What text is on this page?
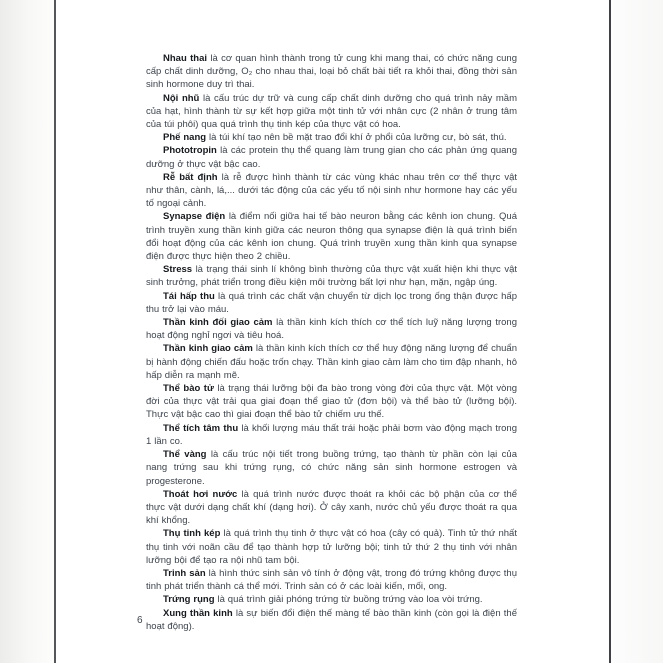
Nhau thai là cơ quan hình thành trong tử cung khi mang thai, có chức năng cung cấp chất dinh dưỡng, O₂ cho nhau thai, loại bỏ chất bài tiết ra khỏi thai, đồng thời sản sinh hormone duy trì thai.

Nội nhũ là cấu trúc dự trữ và cung cấp chất dinh dưỡng cho quá trình nảy mầm của hạt, hình thành từ sự kết hợp giữa một tinh tử với nhân cực (2 nhân ở trung tâm của túi phôi) qua quá trình thụ tinh kép của thực vật có hoa.

Phế nang là túi khí tạo nên bề mặt trao đổi khí ở phổi của lưỡng cư, bò sát, thú.

Phototropin là các protein thụ thể quang làm trung gian cho các phản ứng quang dưỡng ở thực vật bậc cao.

Rễ bất định là rễ được hình thành từ các vùng khác nhau trên cơ thể thực vật như thân, cành, lá,... dưới tác động của các yếu tố nội sinh như hormone hay các yếu tố ngoại cảnh.

Synapse điện là điểm nối giữa hai tế bào neuron bằng các kênh ion chung. Quá trình truyền xung thần kinh giữa các neuron thông qua synapse điện là quá trình biến đổi hoạt động của các kênh ion chung. Quá trình truyền xung thần kinh qua synapse điện được thực hiện theo 2 chiều.

Stress là trạng thái sinh lí không bình thường của thực vật xuất hiện khi thực vật sinh trưởng, phát triển trong điều kiện môi trường bất lợi như hạn, mặn, ngập úng.

Tái hấp thu là quá trình các chất vận chuyển từ dịch lọc trong ống thận được hấp thu trở lại vào máu.

Thần kinh đối giao cảm là thần kinh kích thích cơ thể tích luỹ năng lượng trong hoạt động nghỉ ngơi và tiêu hoá.

Thần kinh giao cảm là thần kinh kích thích cơ thể huy động năng lượng để chuẩn bị hành động chiến đấu hoặc trốn chạy. Thần kinh giao cảm làm cho tim đập nhanh, hô hấp diễn ra mạnh mẽ.

Thể bào tử là trạng thái lưỡng bội đa bào trong vòng đời của thực vật. Một vòng đời của thực vật trải qua giai đoạn thể giao tử (đơn bội) và thể bào tử (lưỡng bội). Thực vật bậc cao thì giai đoạn thể bào tử chiếm ưu thế.

Thể tích tâm thu là khối lượng máu thất trái hoặc phải bơm vào động mạch trong 1 lần co.

Thể vàng là cấu trúc nội tiết trong buồng trứng, tạo thành từ phần còn lại của nang trứng sau khi trứng rụng, có chức năng sản sinh hormone estrogen và progesterone.

Thoát hơi nước là quá trình nước được thoát ra khỏi các bộ phận của cơ thể thực vật dưới dạng chất khí (dạng hơi). Ở cây xanh, nước chủ yếu được thoát ra qua khí khổng.

Thụ tinh kép là quá trình thụ tinh ở thực vật có hoa (cây có quả). Tinh tử thứ nhất thụ tinh với noãn cầu để tạo thành hợp tử lưỡng bội; tinh tử thứ 2 thụ tinh với nhân lưỡng bội để tạo ra nội nhũ tam bội.

Trinh sản là hình thức sinh sản vô tính ở động vật, trong đó trứng không được thụ tinh phát triển thành cá thể mới. Trinh sản có ở các loài kiến, mối, ong.

Trứng rụng là quá trình giải phóng trứng từ buồng trứng vào loa vòi trứng.

Xung thần kinh là sự biến đổi điện thế màng tế bào thần kinh (còn gọi là điện thế hoạt động).

6
